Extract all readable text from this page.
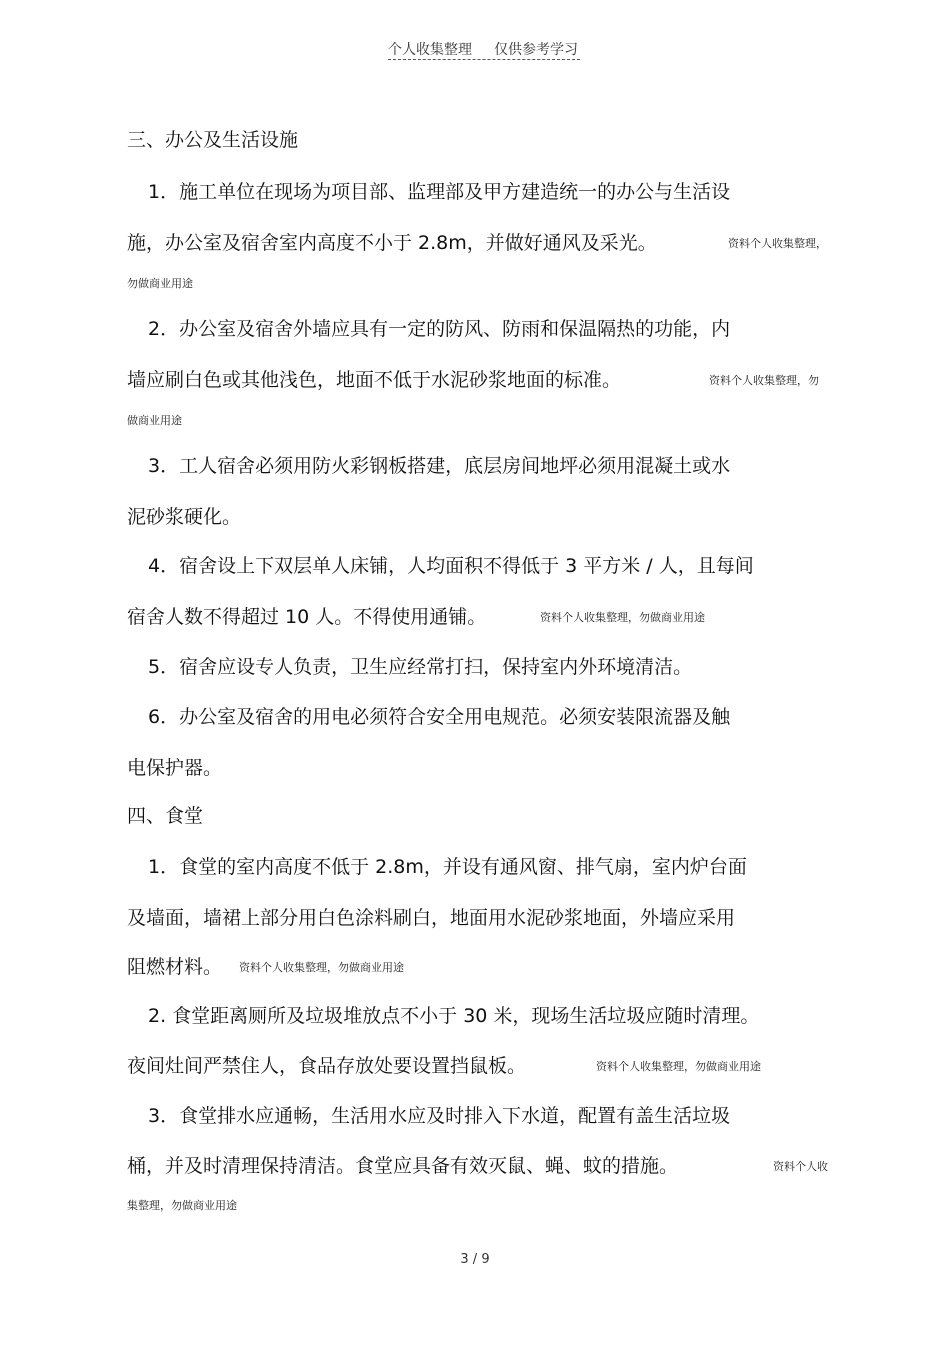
个人收集整理 仅供参考学习
三、办公及生活设施
1．施工单位在现场为项目部、监理部及甲方建造统一的办公与生活设
施，办公室及宿舍室内高度不小于 2.8m，并做好通风及采光。	资料个人收集整理，
勿做商业用途
2．办公室及宿舍外墙应具有一定的防风、防雨和保温隔热的功能，内
墙应刷白色或其他浅色，地面不低于水泥砂浆地面的标准。	资料个人收集整理，勿
做商业用途
3．工人宿舍必须用防火彩钢板搭建，底层房间地坪必须用混凝土或水
泥砂浆硬化。
4．宿舍设上下双层单人床铺，人均面积不得低于 3 平方米 / 人，且每间
宿舍人数不得超过 10 人。不得使用通铺。	资料个人收集整理，勿做商业用途
5．宿舍应设专人负责，卫生应经常打扫，保持室内外环境清洁。
6．办公室及宿舍的用电必须符合安全用电规范。必须安装限流器及触
电保护器。
四、食堂
1．食堂的室内高度不低于 2.8m，并设有通风窗、排气扇，室内炉台面
及墙面，墙裙上部分用白色涂料刷白，地面用水泥砂浆地面，外墙应采用
阻燃材料。 资料个人收集整理，勿做商业用途
2. 食堂距离厕所及垃圾堆放点不小于 30 米，现场生活垃圾应随时清理。
夜间灶间严禁住人，食品存放处要设置挡鼠板。	资料个人收集整理，勿做商业用途
3．食堂排水应通畅，生活用水应及时排入下水道，配置有盖生活垃圾
桶，并及时清理保持清洁。食堂应具备有效灭鼠、蝇、蚊的措施。	资料个人收
集整理，勿做商业用途
3 / 9
